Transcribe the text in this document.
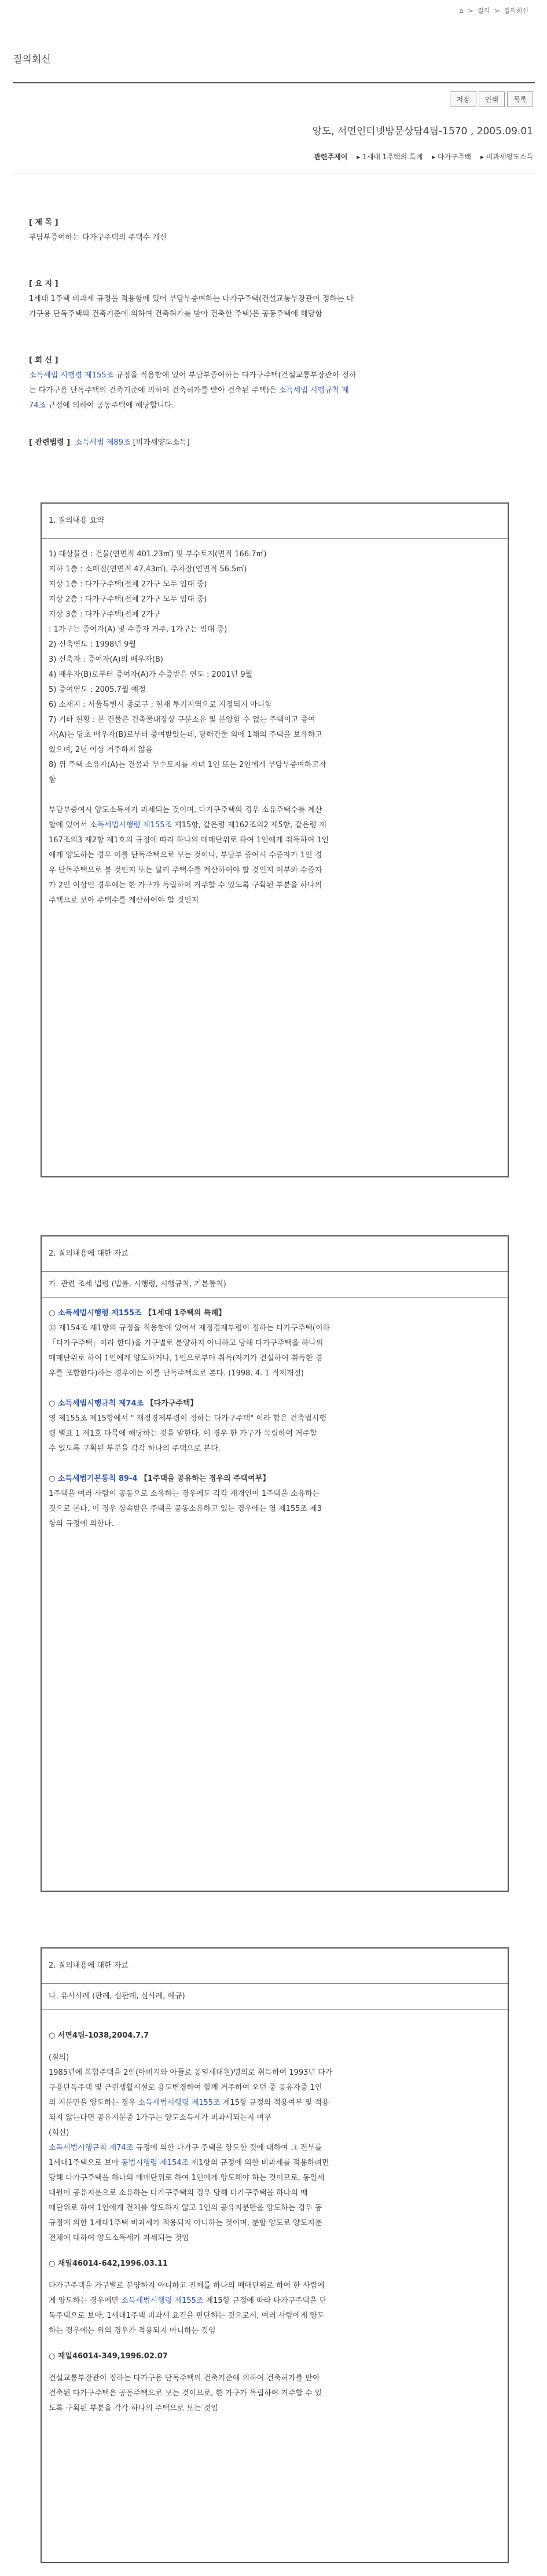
⌂ > 질의 > 질의회신
질의회신
저장	인쇄	목록
양도, 서면인터넷방문상담4팀-1570 , 2005.09.01
관련주제어 ▸ 1세대 1주택의 특례 ▸ 다가구주택 ▸ 비과세양도소득
[ 제 목 ]

부담부증여하는 다가구주택의 주택수 계산

[ 요 지 ]

1세대 1주택 비과세 규정을 적용함에 있어 부담부증여하는 다가구주택(건설교통부장관이 정하는 다

가구용 단독주택의 건축기준에 의하여 건축허가를 받아 건축한 주택)은 공동주택에 해당함

[ 회 신 ]

소득세법 시행령 제155조 규정을 적용함에 있어 부담부증여하는 다가구주택(건설교통부장관이 정하

는 다가구용 단독주택의 건축기준에 의하여 건축허가를 받아 건축된 주택)은 소득세법 시행규칙 제

74조 규정에 의하여 공동주택에 해당합니다.

[ 관련법령 ] 소득세법 제89조 [비과세양도소득]

1. 질의내용 요약

1) 대상물건 : 건물(연면적 401.23㎡) 및 부수토지(면적 166.7㎡)

지하 1층 : 소매점(연면적 47.43㎡), 주차장(연면적 56.5㎡)

지상 1층 : 다가구주택(전체 2가구 모두 임대 중)

지상 2층 : 다가구주택(전체 2가구 모두 임대 중)

지상 3층 : 다가구주택(전체 2가구

: 1가구는 증여자(A) 및 수증자 거주, 1가구는 임대 중)

2) 신축연도 : 1998년 9월

3) 신축자 : 증여자(A)의 배우자(B)

4) 배우자(B)로부터 증여자(A)가 수증받은 연도 : 2001년 9월

5) 증여연도 : 2005.7월 예정

6) 소재지 : 서울특별시 종로구 ; 현재 투기지역으로 지정되지 아니함

7) 기타 현황 : 본 건물은 건축물대장상 구분소유 및 분양할 수 없는 주택이고 증여

자(A)는 당초 배우자(B)로부터 증여받았는데, 당해건물 외에 1채의 주택을 보유하고

있으며, 2년 이상 거주하지 않음

8) 위 주택 소유자(A)는 건물과 부수토지를 자녀 1인 또는 2인에게 부담부증여하고자

함

부담부증여시 양도소득세가 과세되는 것이며, 다가구주택의 경우 소유주택수를 계산

할에 있어서 소득세법시행령 제155조 제15항, 같은령 제162조의2 제5항, 같은령 제

167조의3 제2항 제1호의 규정에 따라 하나의 매매단위로 하여 1인에게 취득하여 1인

에게 양도하는 경우 이를 단독주택으로 보는 것이나, 부담부 증여시 수증자가 1인 경

우 단독주택으로 볼 것인지 또는 달리 주택수를 계산하여야 할 것인지 여부와 수증자

가 2인 이상인 경우에는 한 가구가 독립하여 거주할 수 있도록 구획된 부분을 하나의

주택으로 보아 주택수를 계산하여야 할 것인지

2. 질의내용에 대한 자료
가. 관련 조세 법령 (법률, 시행령, 시행규칙, 기본통칙)

○ 소득세법시행령 제155조 【1세대 1주택의 특례】

⑬ 제154조 제1항의 규정을 적용함에 있어서 재정경제부령이 정하는 다가구주택(이하

「다가구주택」이라 한다)을 가구별로 분양하지 아니하고 당해 다가구주택을 하나의

매매단위로 하여 1인에게 양도하거나, 1인으로부터 취득(자기가 건설하여 취득한 경

우를 포함한다)하는 경우에는 이를 단독주택으로 본다. (1998. 4. 1 직제개정)

○ 소득세법시행규칙 제74조 【다가구주택】

영 제155조 제15항에서 " 재정경제부령이 정하는 다가구주택" 이라 함은 건축법시행

령 별표 1 제1호 다목에 해당하는 것을 말한다. 이 경우 한 가구가 독립하여 거주할

수 있도록 구획된 부분을 각각 하나의 주택으로 본다.

○ 소득세법기본통칙 89-4 【1주택을 공유하는 경우의 주택여부】

1주택을 여러 사람이 공동으로 소유하는 경우에도 각각 계개인이 1주택을 소유하는

것으로 본다. 이 경우 상속받은 주택을 공동소유하고 있는 경우에는 영 제155조 제3

항의 규정에 의한다.

2. 질의내용에 대한 자료
나. 유사사례 (판례, 심판례, 심사례, 예규)

○ 서면4팀-1038,2004.7.7

(질의)

1985년에 복합주택을 2인(아버지와 아들로 동일세대원)명의로 취득하여 1993년 다가

구용단독주택 및 근린생활시설로 용도변경하여 함께 거주하여 오던 중 공유자중 1인

의 지분만을 양도하는 경우 소득세법시행령 제155조 제15항 규정의 적용여부 및 적용

되지 않는다면 공유지분중 1가구는 양도소득세가 비과세되는지 여부

(회신)

소득세법시행규칙 제74조 규정에 의한 다가구 주택을 양도한 것에 대하여 그 전부를

1세대1주택으로 보아 동법시행령 제154조 제1항의 규정에 의한 비과세를 적용하려면

당해 다가구주택을 하나의 매매단위로 하여 1인에게 양도해야 하는 것이므로, 동일세

대원이 공유지분으로 소유하는 다가구주택의 경우 당해 다가구주택을 하나의 매

매단위로 하여 1인에게 전체를 양도하지 않고 1인의 공유지분만을 양도하는 경우 동

규정에 의한 1세대1주택 비과세가 적용되지 아니하는 것이며, 분할 양도로 양도지분

전체에 대하여 양도소득세가 과세되는 것임

○ 재일46014-642,1996.03.11

다가구주택을 가구별로 분양하지 아니하고 전체를 하나의 매매단위로 하여 한 사람에

게 양도하는 경우에만 소득세법시행령 제155조 제15항 규정에 따라 다가구주택을 단

독주택으로 보아, 1세대1주택 비과세 요건을 판단하는 것으로서, 여러 사람에게 양도

하는 경우에는 위의 경우가 적용되지 아니하는 것임

○ 재일46014-349,1996.02.07

건설교통부장관이 정하는 다가구용 단독주택의 건축기준에 의하여 건축허가를 받아

건축된 다가구주택은 공동주택으로 보는 것이므로, 한 가구가 독립하여 거주할 수 있

도록 구획된 부분을 각각 하나의 주택으로 보는 것임
